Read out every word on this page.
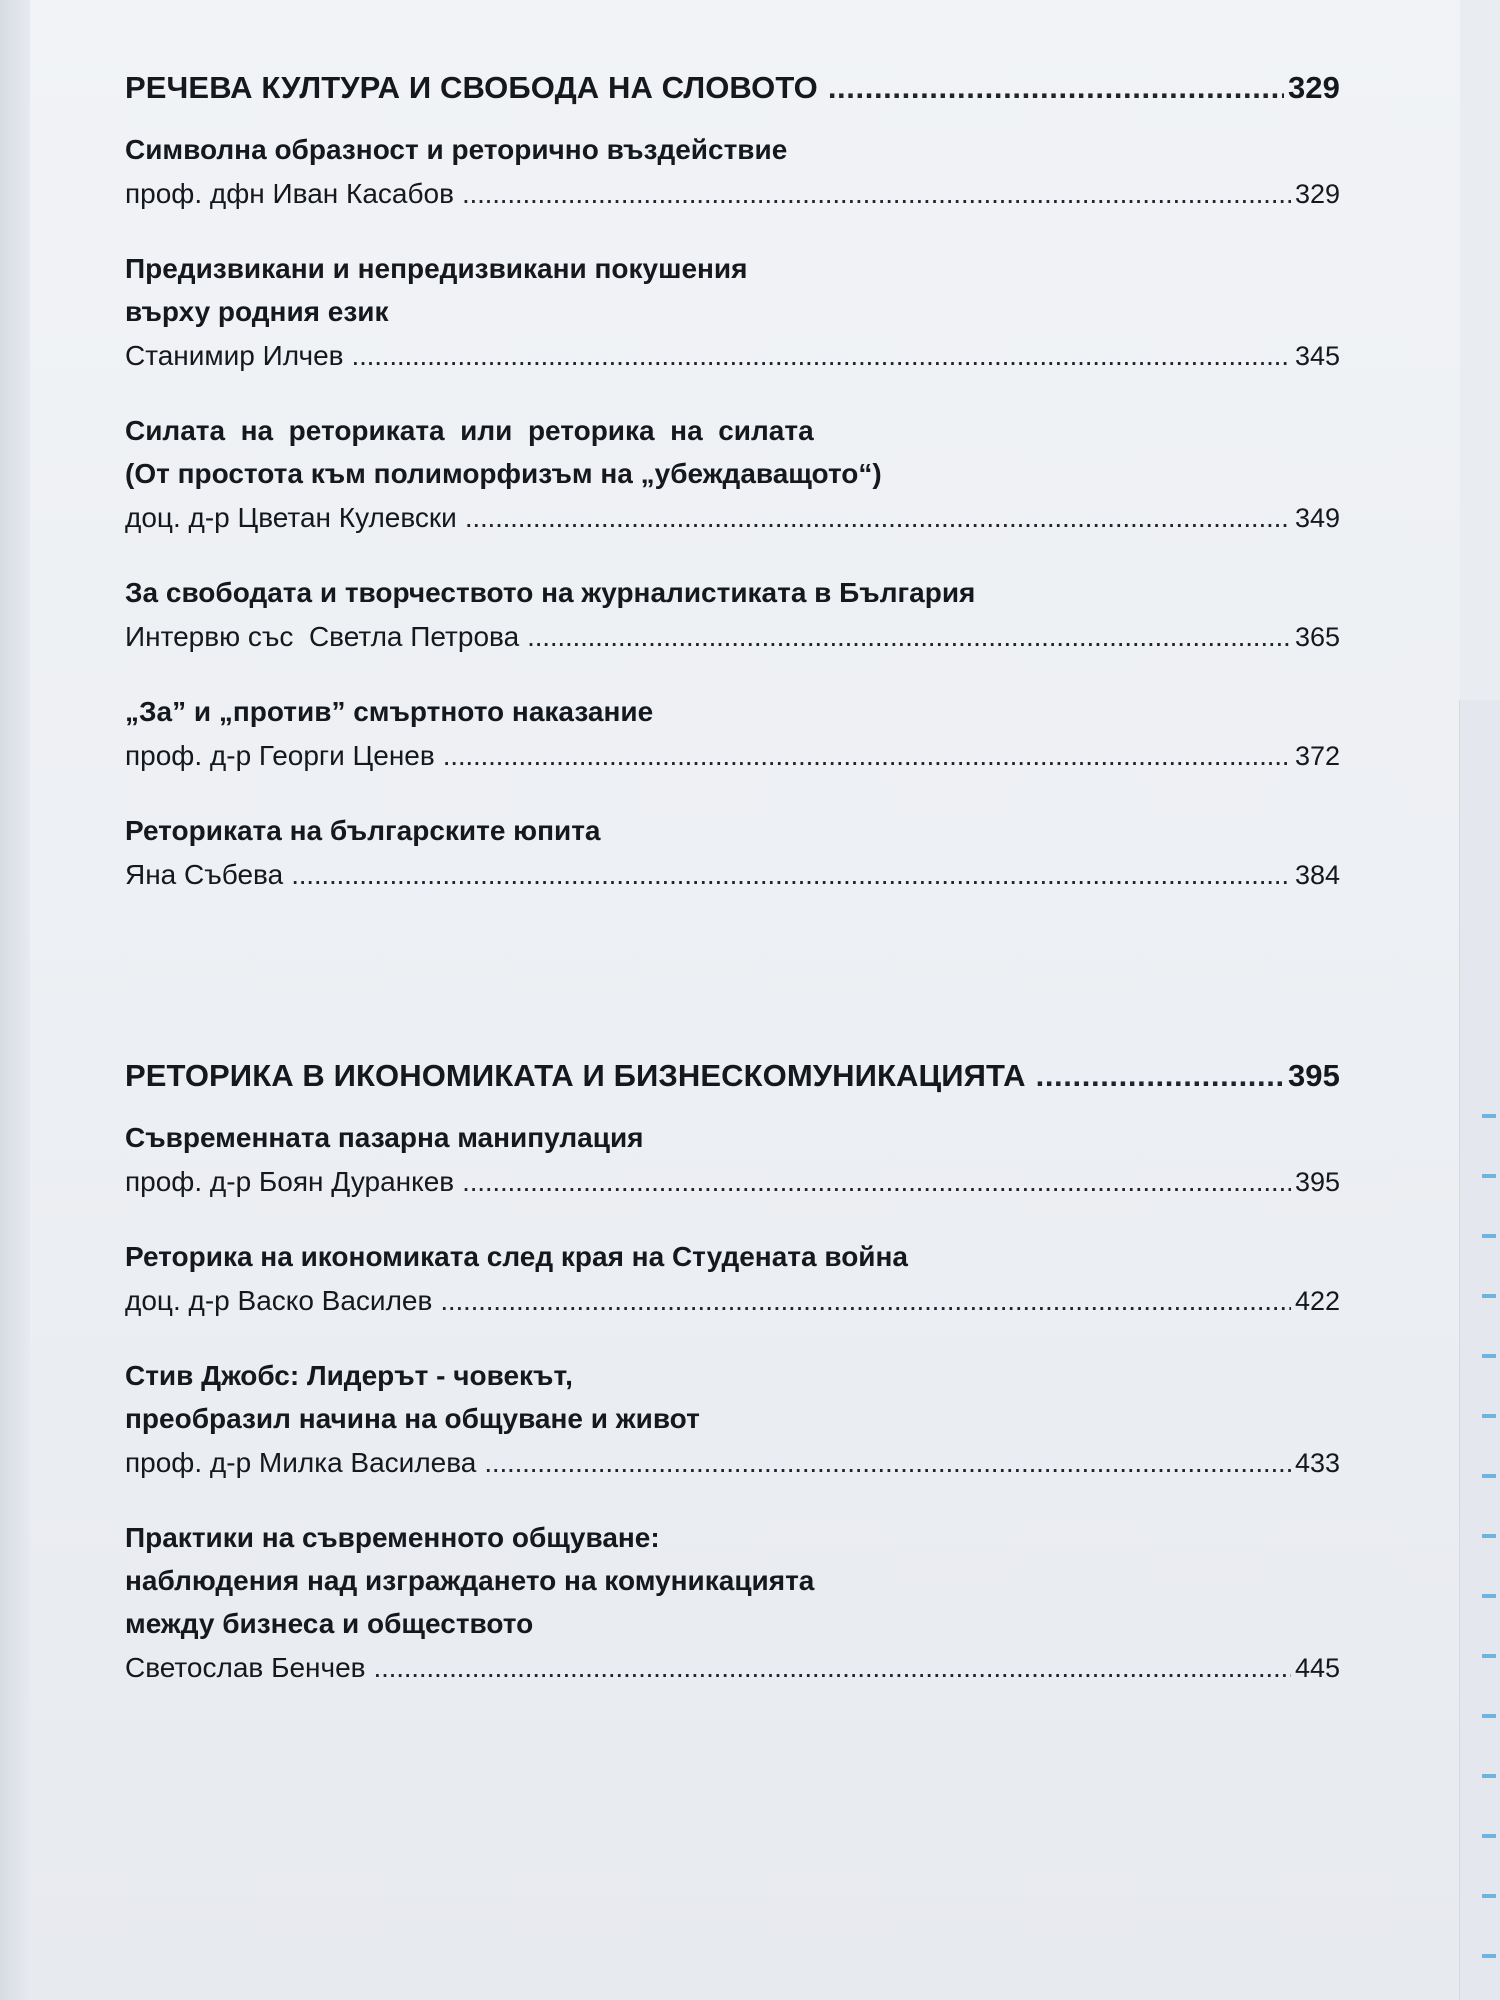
РЕЧЕВА КУЛТУРА И СВОБОДА НА СЛОВОТО . . .	329
Символна образност и реторично въздействие
проф. дфн Иван Касабов . . .	329
Предизвикани и непредизвикани покушения
върху родния език
Станимир Илчев . . .	345
Силата  на  реториката  или  реторика  на  силата
(От простота към полиморфизъм на „убеждаващото“)
доц. д-р Цветан Кулевски . . .	349
За свободата и творчеството на журналистиката в България
Интервю със  Светла Петрова . . .	365
„За” и „против” смъртното наказание
проф. д-р Георги Ценев . . .	372
Реториката на българските юпита
Яна Събева . . .	384
РЕТОРИКА В ИКОНОМИКАТА И БИЗНЕСКОМУНИКАЦИЯТА . . .	395
Съвременната пазарна манипулация
проф. д-р Боян Дуранкев . . .	395
Реторика на икономиката след края на Студената война
доц. д-р Васко Василев . . .	422
Стив Джобс: Лидерът - човекът,
преобразил начина на общуване и живот
проф. д-р Милка Василева . . .	433
Практики на съвременното общуване:
наблюдения над изграждането на комуникацията
между бизнеса и обществото
Светослав Бенчев . . .	445
